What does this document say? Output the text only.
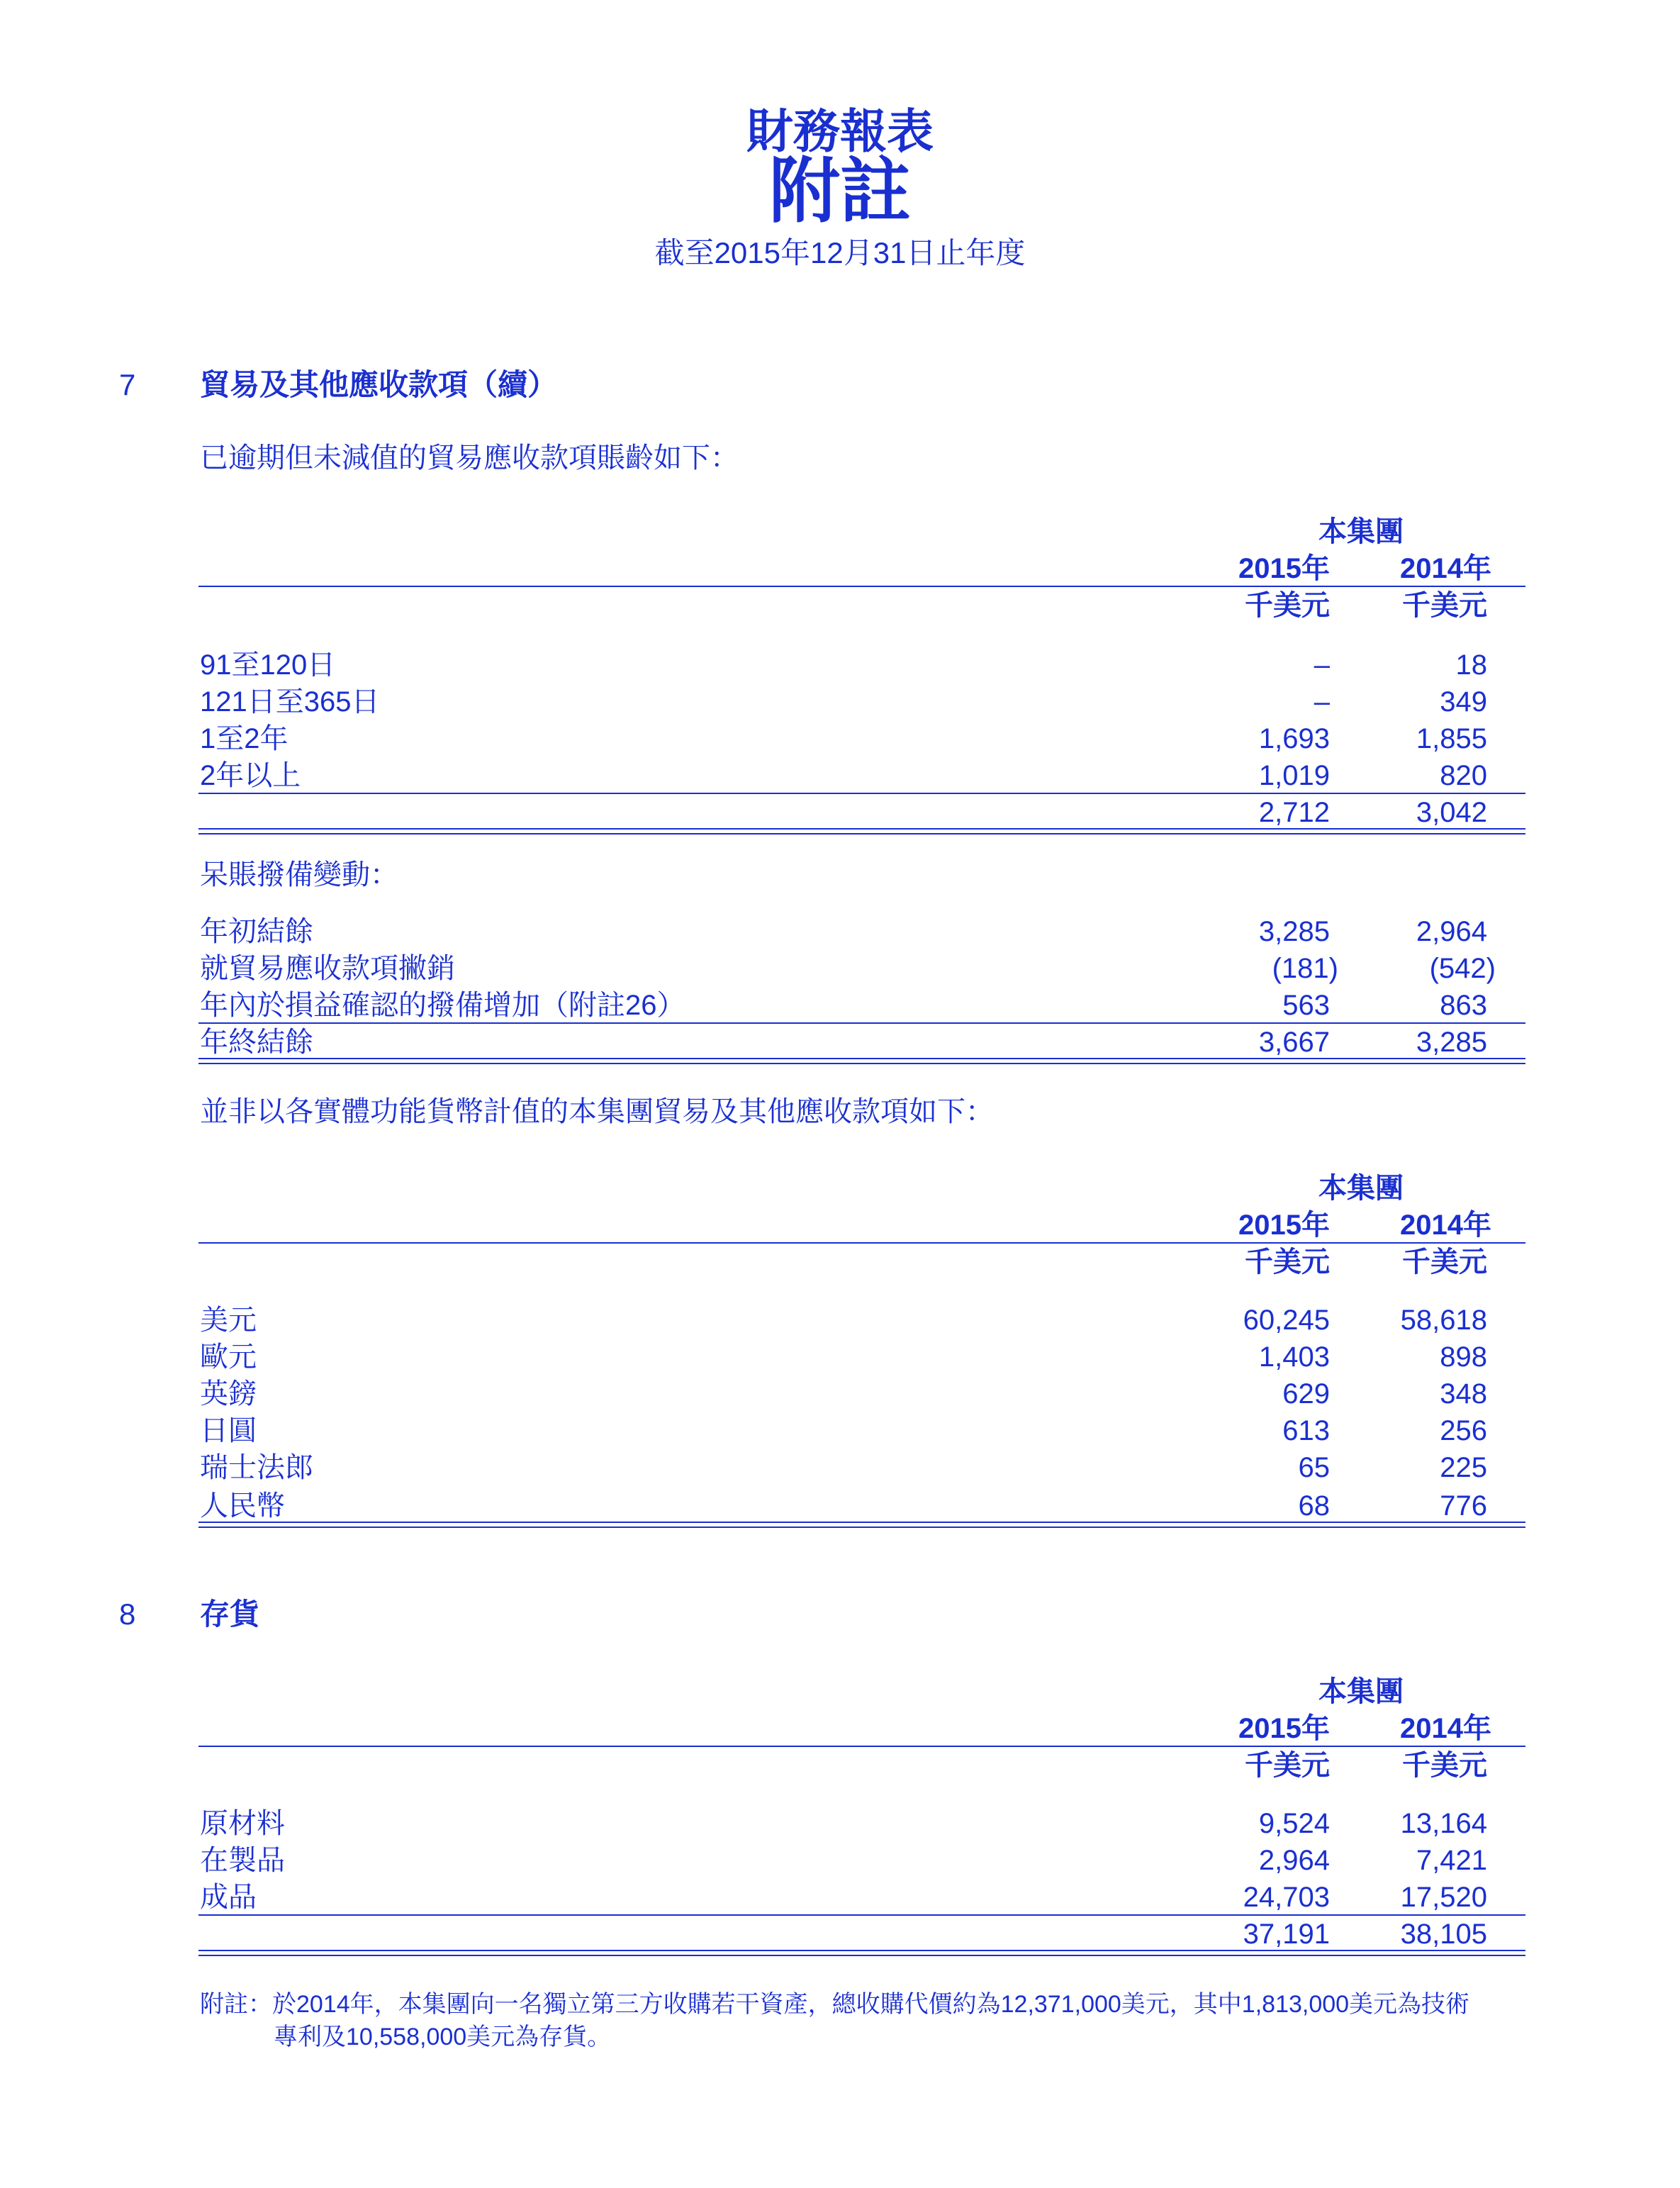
財務報表
附註
截至2015年12月31日止年度
7 貿易及其他應收款項（續）
已逾期但未減值的貿易應收款項賬齡如下：
本集團
2015年 2014年
千美元	千美元
91至120日	–	18
121日至365日	–	349
1至2年	1,693	1,855
2年以上	1,019	820
2,712	3,042
呆賬撥備變動：
年初結餘	3,285	2,964
就貿易應收款項撇銷	(181)	(542)
年內於損益確認的撥備增加（附註26）	563	863
年終結餘	3,667	3,285
並非以各實體功能貨幣計值的本集團貿易及其他應收款項如下：
本集團
2015年 2014年
千美元	千美元
美元	60,245 58,618
歐元	1,403	898
英鎊	629	348
日圓	613	256
瑞士法郎	65	225
人民幣	68	776
8 存貨
本集團
2015年 2014年
千美元	千美元
原材料	9,524 13,164
在製品	2,964	7,421
成品	24,703 17,520
37,191 38,105
附註：於2014年，本集團向一名獨立第三方收購若干資產，總收購代價約為12,371,000美元，其中1,813,000美元為技術
專利及10,558,000美元為存貨。
